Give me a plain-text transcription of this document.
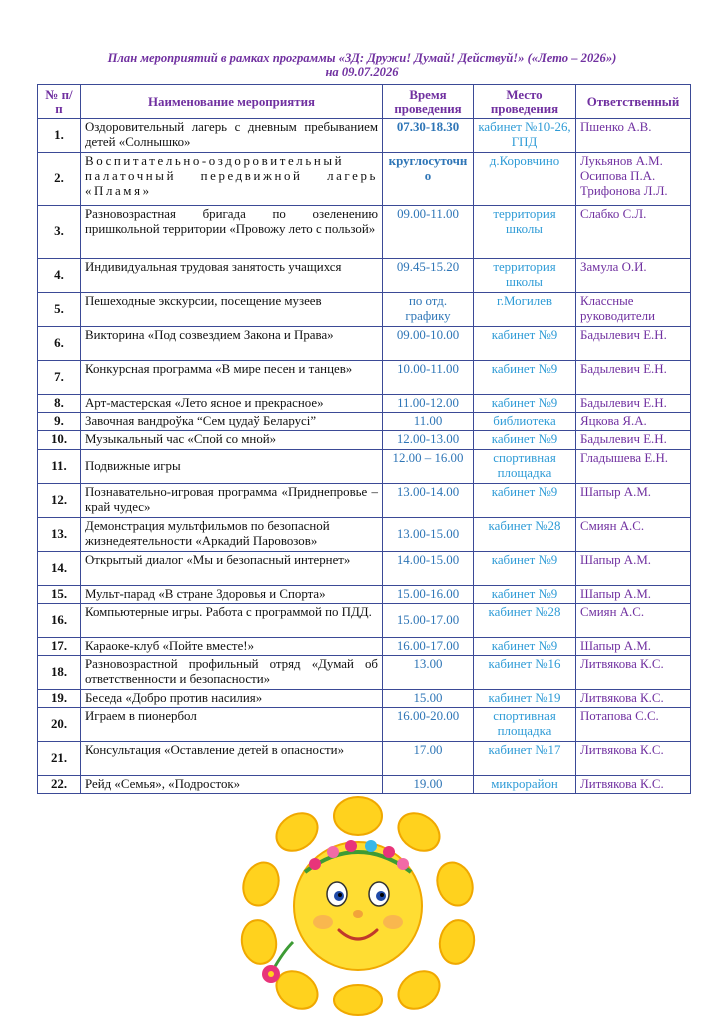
План мероприятий в рамках программы «3Д: Дружи! Думай! Действуй!» («Лето – 2026»)
на 09.07.2026
№ п/п	Наименование мероприятия	Время проведения	Место проведения	Ответственный
1.	Оздоровительный лагерь с дневным пребыванием детей «Солнышко»	07.30-18.30	кабинет №10-26, ГПД	Пшенко А.В.
2.	Воспитательно-оздоровительный палаточный передвижной лагерь «Пламя»	круглосуточно	д.Коровчино	Лукьянов А.М. Осипова П.А. Трифонова Л.Л.
3.	Разновозрастная бригада по озеленению пришкольной территории «Провожу лето с пользой»	09.00-11.00	территория школы	Слабко С.Л.
4.	Индивидуальная трудовая занятость учащихся	09.45-15.20	территория школы	Замула О.И.
5.	Пешеходные экскурсии, посещение музеев	по отд. графику	г.Могилев	Классные руководители
6.	Викторина «Под созвездием Закона и Права»	09.00-10.00	кабинет №9	Бадылевич Е.Н.
7.	Конкурсная программа «В мире песен и танцев»	10.00-11.00	кабинет №9	Бадылевич Е.Н.
8.	Арт-мастерская «Лето ясное и прекрасное»	11.00-12.00	кабинет №9	Бадылевич Е.Н.
9.	Завочная вандроўка “Сем цудаў Беларусі”	11.00	библиотека	Яцкова Я.А.
10.	Музыкальный час «Спой со мной»	12.00-13.00	кабинет №9	Бадылевич Е.Н.
11.	Подвижные игры	12.00 – 16.00	спортивная площадка	Гладышева Е.Н.
12.	Познавательно-игровая программа «Приднепровье – край чудес»	13.00-14.00	кабинет №9	Шапыр А.М.
13.	Демонстрация мультфильмов по безопасной жизнедеятельности «Аркадий Паровозов»	13.00-15.00	кабинет №28	Смиян А.С.
14.	Открытый диалог «Мы и безопасный интернет»	14.00-15.00	кабинет №9	Шапыр А.М.
15.	Мульт-парад «В стране Здоровья и Спорта»	15.00-16.00	кабинет №9	Шапыр А.М.
16.	Компьютерные игры. Работа с программой по ПДД.	15.00-17.00	кабинет №28	Смиян А.С.
17.	Караоке-клуб «Пойте вместе!»	16.00-17.00	кабинет №9	Шапыр А.М.
18.	Разновозрастной профильный отряд «Думай об ответственности и безопасности»	13.00	кабинет №16	Литвякова К.С.
19.	Беседа «Добро против насилия»	15.00	кабинет №19	Литвякова К.С.
20.	Играем в пионербол	16.00-20.00	спортивная площадка	Потапова С.С.
21.	Консультация «Оставление детей в опасности»	17.00	кабинет №17	Литвякова К.С.
22.	Рейд «Семья», «Подросток»	19.00	микрорайон	Литвякова К.С.
